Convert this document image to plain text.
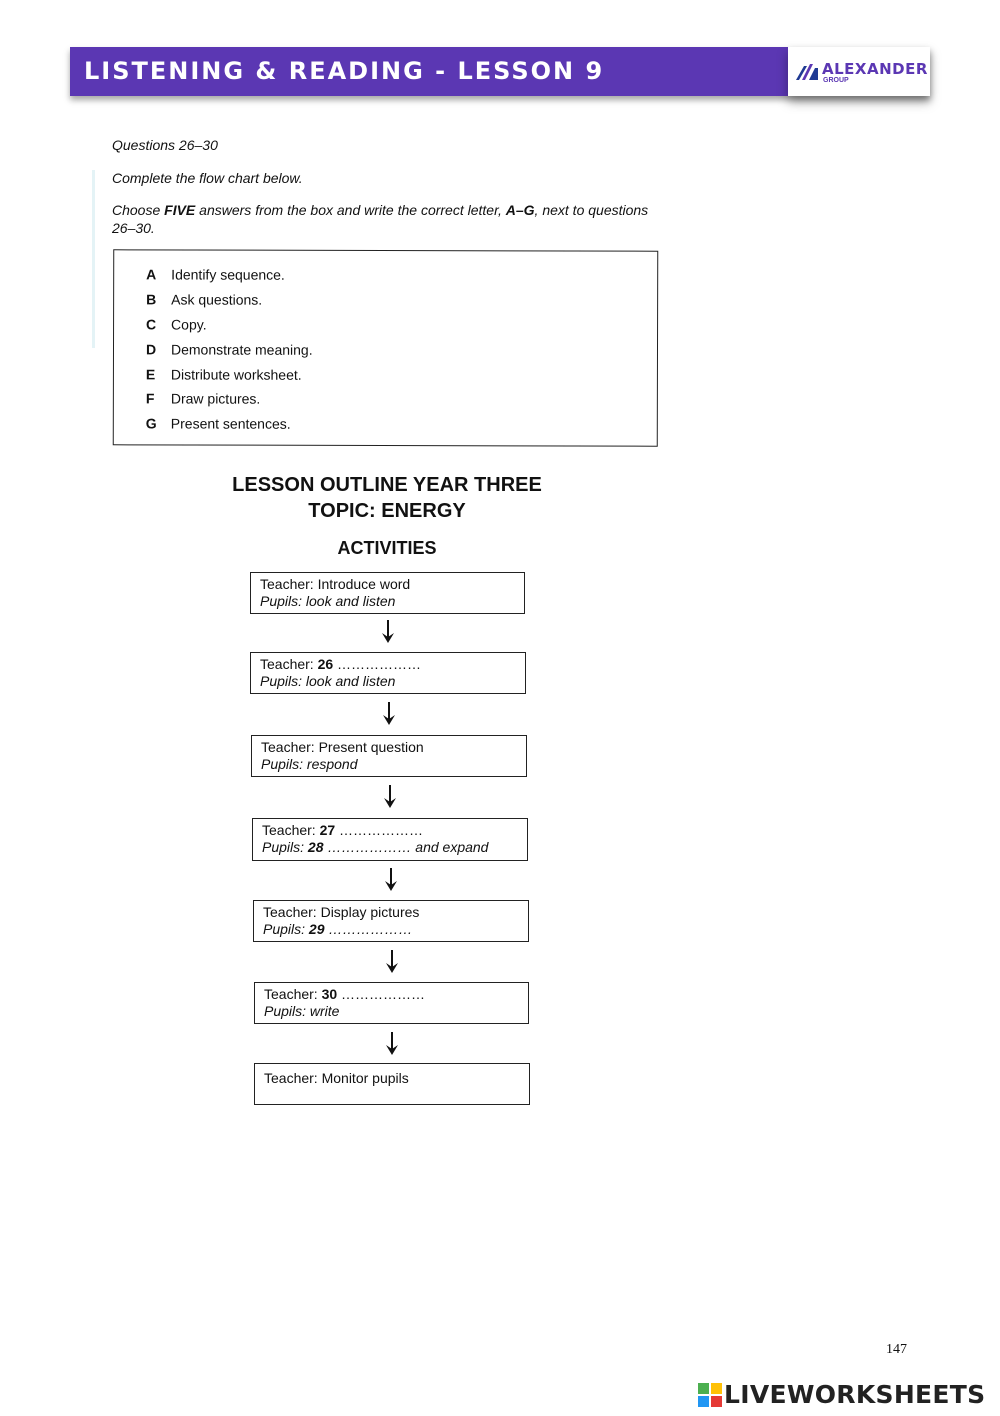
LISTENING & READING - LESSON 9	ALEXANDER
GROUP
Questions 26–30
Complete the flow chart below.
Choose FIVE answers from the box and write the correct letter, A–G, next to questions 26–30.
A Identify sequence.
B Ask questions.
C Copy.
D Demonstrate meaning.
E Distribute worksheet.
F Draw pictures.
G Present sentences.
LESSON OUTLINE YEAR THREE
TOPIC: ENERGY
ACTIVITIES
Teacher: Introduce word
Pupils: look and listen
Teacher: 26 ………………
Pupils: look and listen
Teacher: Present question
Pupils: respond
Teacher: 27 ………………
Pupils: 28 ……………… and expand
Teacher: Display pictures
Pupils: 29 ………………
Teacher: 30 ………………
Pupils: write
Teacher: Monitor pupils
147
LIVEWORKSHEETS
